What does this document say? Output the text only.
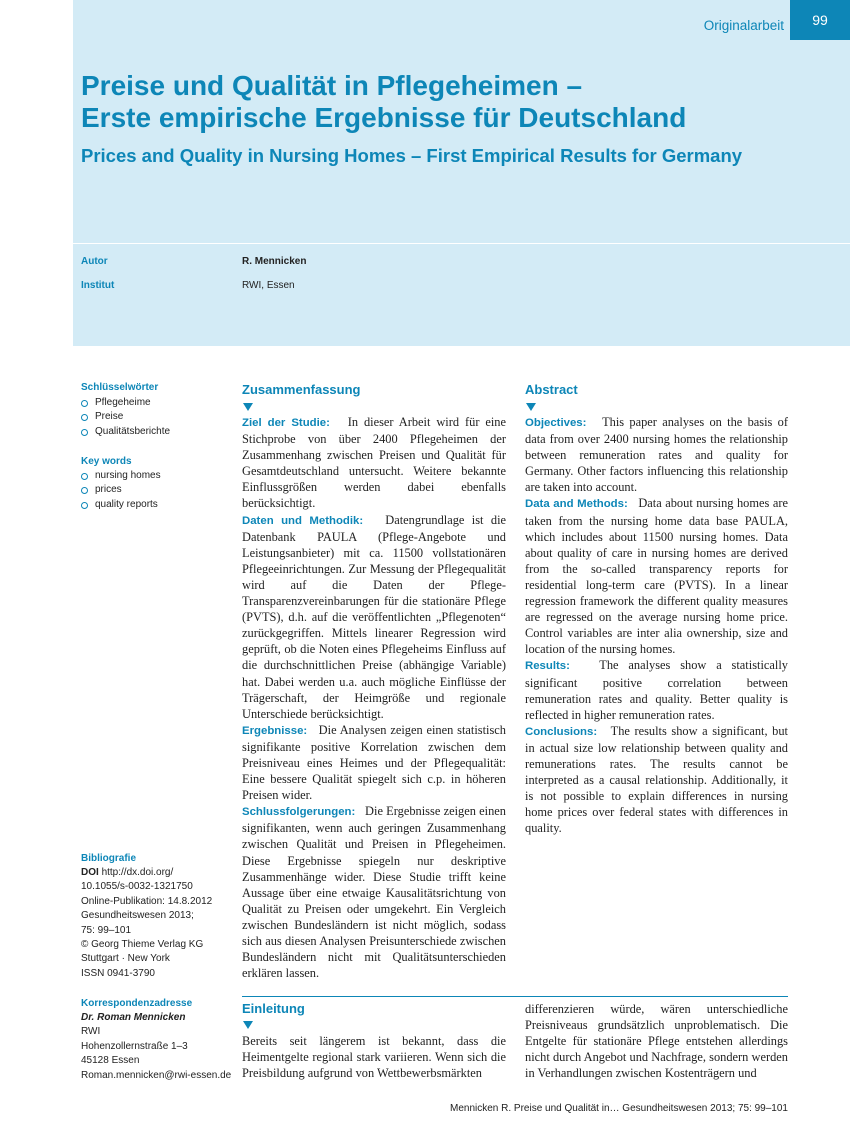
Originalarbeit	99
Preise und Qualität in Pflegeheimen –
Erste empirische Ergebnisse für Deutschland
Prices and Quality in Nursing Homes – First Empirical Results for Germany
Autor	R. Mennicken
Institut	RWI, Essen
Schlüsselwörter
Pflegeheime
Preise
Qualitätsberichte
Key words
nursing homes
prices
quality reports
Bibliografie
DOI http://dx.doi.org/
10.1055/s-0032-1321750
Online-Publikation: 14.8.2012
Gesundheitswesen 2013;
75: 99–101
© Georg Thieme Verlag KG
Stuttgart · New York
ISSN 0941-3790
Korrespondenzadresse
Dr. Roman Mennicken
RWI
Hohenzollernstraße 1–3
45128 Essen
Roman.mennicken@rwi-essen.de
Zusammenfassung

Ziel der Studie: In dieser Arbeit wird für eine Stichprobe von über 2400 Pflegeheimen der Zusammenhang zwischen Preisen und Qualität für Gesamtdeutschland untersucht. Weitere bekannte Einflussgrößen werden dabei ebenfalls berücksichtigt.

Daten und Methodik: Datengrundlage ist die Datenbank PAULA (Pflege-Angebote und Leistungsanbieter) mit ca. 11500 vollstationären Pflegeeinrichtungen. Zur Messung der Pflegequalität wird auf die Daten der Pflege-Transparenzvereinbarungen für die stationäre Pflege (PVTS), d.h. auf die veröffentlichten „Pflegenoten“ zurückgegriffen. Mittels linearer Regression wird geprüft, ob die Noten eines Pflegeheims Einfluss auf die durchschnittlichen Preise (abhängige Variable) hat. Dabei werden u.a. auch mögliche Einflüsse der Trägerschaft, der Heimgröße und regionale Unterschiede berücksichtigt.

Ergebnisse: Die Analysen zeigen einen statistisch signifikante positive Korrelation zwischen dem Preisniveau eines Heimes und der Pflegequalität: Eine bessere Qualität spiegelt sich c.p. in höheren Preisen wider.

Schlussfolgerungen: Die Ergebnisse zeigen einen signifikanten, wenn auch geringen Zusammenhang zwischen Qualität und Preisen in Pflegeheimen. Diese Ergebnisse spiegeln nur deskriptive Zusammenhänge wider. Diese Studie trifft keine Aussage über eine etwaige Kausalitätsrichtung von Qualität zu Preisen oder umgekehrt. Ein Vergleich zwischen Bundesländern ist nicht möglich, sodass sich aus diesen Analysen Preisunterschiede zwischen Bundesländern nicht mit Qualitätsunterschieden erklären lassen.

Abstract

Objectives: This paper analyses on the basis of data from over 2400 nursing homes the relationship between remuneration rates and quality for Germany. Other factors influencing this relationship are taken into account.

Data and Methods: Data about nursing homes are taken from the nursing home data base PAULA, which includes about 11500 nursing homes. Data about quality of care in nursing homes are derived from the so-called transparency reports for residential long-term care (PVTS). In a linear regression framework the different quality measures are regressed on the average nursing home price. Control variables are inter alia ownership, size and location of the nursing homes.

Results: The analyses show a statistically significant positive correlation between remuneration rates and quality. Better quality is reflected in higher remuneration rates.

Conclusions: The results show a significant, but in actual size low relationship between quality and remunerations rates. The results cannot be interpreted as a causal relationship. Additionally, it is not possible to explain differences in nursing home prices over federal states with differences in quality.

Einleitung

Bereits seit längerem ist bekannt, dass die Heimentgelte regional stark variieren. Wenn sich die Preisbildung aufgrund von Wettbewerbsmärkten

differenzieren würde, wären unterschiedliche Preisniveaus grundsätzlich unproblematisch. Die Entgelte für stationäre Pflege entstehen allerdings nicht durch Angebot und Nachfrage, sondern werden in Verhandlungen zwischen Kostenträgern und

Mennicken R. Preise und Qualität in… Gesundheitswesen 2013; 75: 99–101
